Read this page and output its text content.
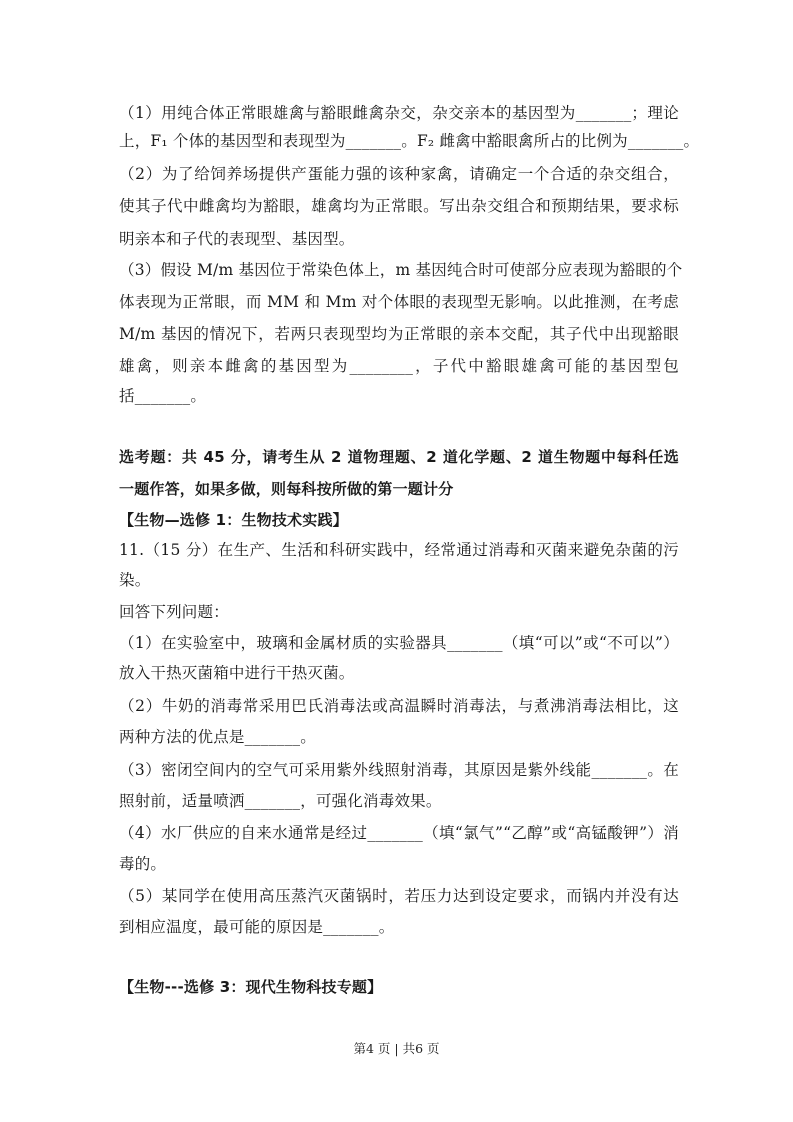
（1）用纯合体正常眼雄禽与豁眼雌禽杂交，杂交亲本的基因型为_______；理论
上，F₁ 个体的基因型和表现型为_______。F₂ 雌禽中豁眼禽所占的比例为_______。
（2）为了给饲养场提供产蛋能力强的该种家禽，请确定一个合适的杂交组合，
使其子代中雌禽均为豁眼，雄禽均为正常眼。写出杂交组合和预期结果，要求标
明亲本和子代的表现型、基因型。
（3）假设 M/m 基因位于常染色体上，m 基因纯合时可使部分应表现为豁眼的个
体表现为正常眼，而 MM 和 Mm 对个体眼的表现型无影响。以此推测，在考虑
M/m 基因的情况下，若两只表现型均为正常眼的亲本交配，其子代中出现豁眼
雄禽，则亲本雌禽的基因型为________，子代中豁眼雄禽可能的基因型包
括_______。
选考题：共 45 分，请考生从 2 道物理题、2 道化学题、2 道生物题中每科任选
一题作答，如果多做，则每科按所做的第一题计分
【生物—选修 1：生物技术实践】
11.（15 分）在生产、生活和科研实践中，经常通过消毒和灭菌来避免杂菌的污
染。
回答下列问题：
（1）在实验室中，玻璃和金属材质的实验器具_______（填“可以”或“不可以”）
放入干热灭菌箱中进行干热灭菌。
（2）牛奶的消毒常采用巴氏消毒法或高温瞬时消毒法，与煮沸消毒法相比，这
两种方法的优点是_______。
（3）密闭空间内的空气可采用紫外线照射消毒，其原因是紫外线能_______。在
照射前，适量喷洒_______，可强化消毒效果。
（4）水厂供应的自来水通常是经过_______（填“氯气”“乙醇”或“高锰酸钾”）消
毒的。
（5）某同学在使用高压蒸汽灭菌锅时，若压力达到设定要求，而锅内并没有达
到相应温度，最可能的原因是_______。
【生物---选修 3：现代生物科技专题】
第4 页 | 共6 页
